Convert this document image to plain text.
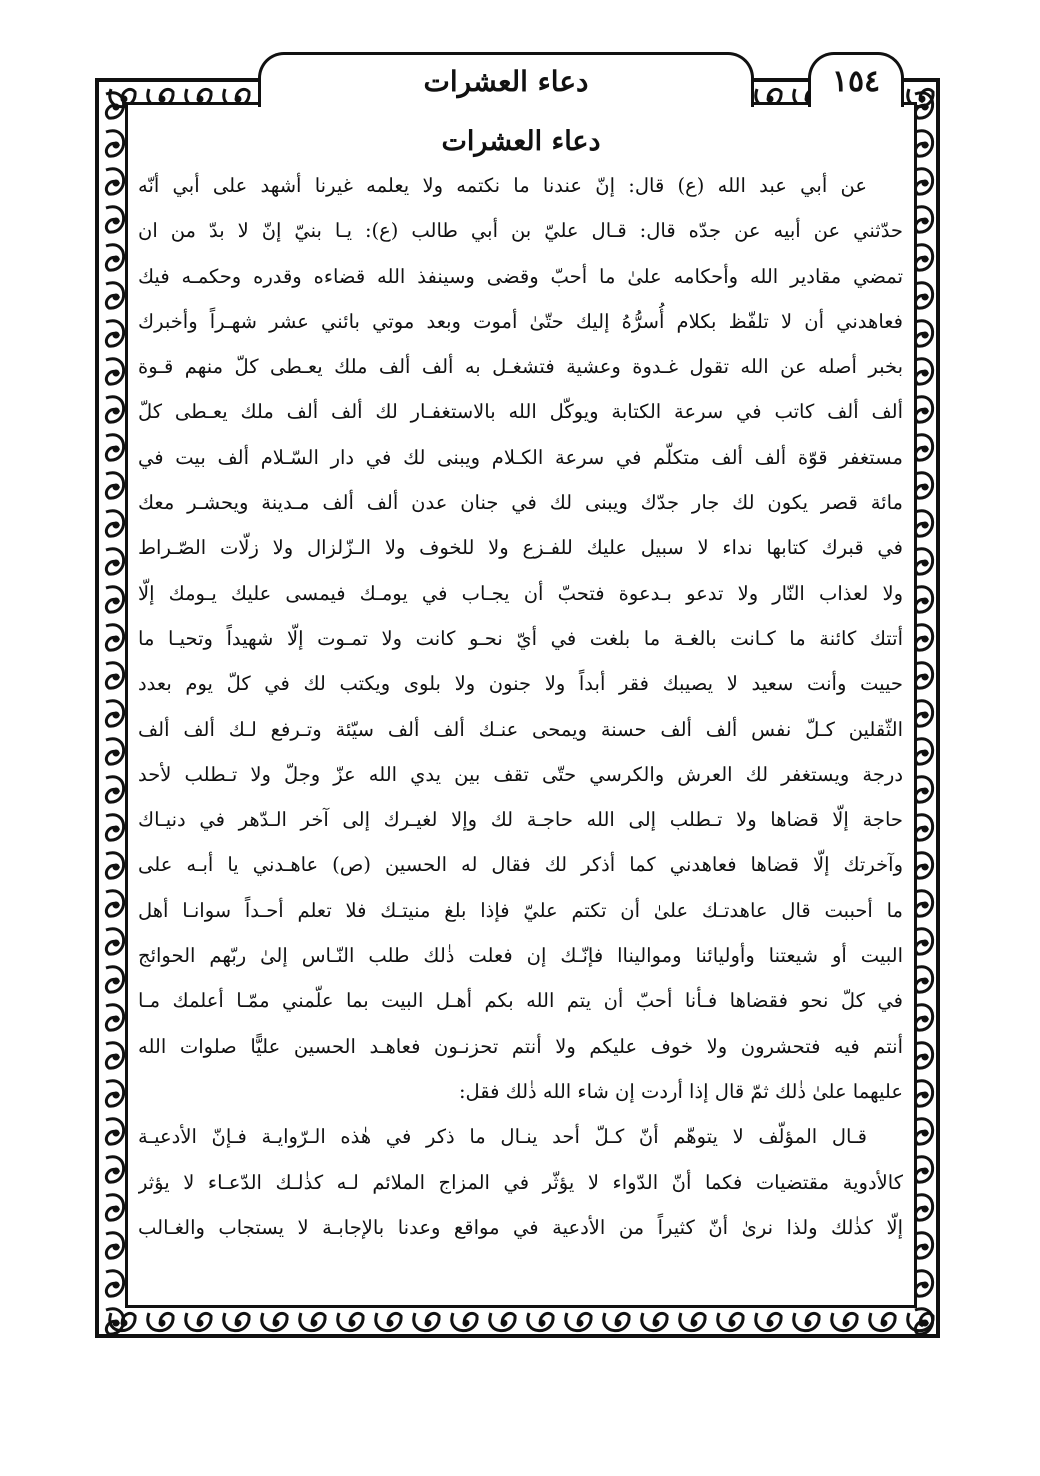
دعاء العشرات	١٥٤
دعاء العشرات
عن أبي عبد الله (ع) قال: إنّ عندنا ما نكتمه ولا يعلمه غيرنا أشهد على أبي أنّه
حدّثني عن أبيه عن جدّه قال: قـال عليّ بن أبي طالب (ع): يـا بنيّ إنّ لا بدّ من ان
تمضي مقادير الله وأحكامه علىٰ ما أحبّ وقضى وسينفذ الله قضاءه وقدره وحكمـه فيك
فعاهدني أن لا تلفّظ بكلام أُسرُّهُ إليك حتّىٰ أموت وبعد موتي بائني عشر شهـراً وأخبرك
بخبر أصله عن الله تقول غـدوة وعشية فتشغـل به ألف ألف ملك يعـطى كلّ منهم قـوة
ألف ألف كاتب في سرعة الكتابة ويوكّل الله بالاستغفـار لك ألف ألف ملك يعـطى كلّ
مستغفر قوّة ألف ألف متكلّم في سرعة الكـلام ويبنى لك في دار السّـلام ألف بيت في
مائة قصر يكون لك جار جدّك ويبنى لك في جنان عدن ألف ألف مـدينة ويحشـر معك
في قبرك كتابها نداء لا سبيل عليك للفـزع ولا للخوف ولا الـزّلزال ولا زلّات الصّـراط
ولا لعذاب النّار ولا تدعو بـدعوة فتحبّ أن يجـاب في يومـك فيمسى عليك يـومك إلّا
أتتك كائنة ما كـانت بالغـة ما بلغت في أيّ نحـو كانت ولا تمـوت إلّا شهيداً وتحيـا ما
حييت وأنت سعيد لا يصيبك فقر أبداً ولا جنون ولا بلوى ويكتب لك في كلّ يوم بعدد
الثّقلين كـلّ نفس ألف ألف حسنة ويمحى عنـك ألف ألف سيّئة وتـرفع لـك ألف ألف
درجة ويستغفر لك العرش والكرسي حتّى تقف بين يدي الله عزّ وجلّ ولا تـطلب لأحد
حاجة إلّا قضاها ولا تـطلب إلى الله حاجـة لك وإلا لغيـرك إلى آخر الـدّهر في دنيـاك
وآخرتك إلّا قضاها فعاهدني كما أذكر لك فقال له الحسين (ص) عاهـدني يا أبـه على
ما أحببت قال عاهدتـك علىٰ أن تكتم عليّ فإذا بلغ منيتـك فلا تعلم أحـداً سوانـا أهل
البيت أو شيعتنا وأوليائنا ومواليناا فإنّـك إن فعلت ذٰلك طلب النّـاس إلىٰ ربّهم الحوائج
في كلّ نحو فقضاها فـأنا أحبّ أن يتم الله بكم أهـل البيت بما علّمني ممّـا أعلمك مـا
أنتم فيه فتحشرون ولا خوف عليكم ولا أنتم تحزنـون فعاهـد الحسين عليًّا صلوات الله
عليهما علىٰ ذٰلك ثمّ قال إذا أردت إن شاء الله ذٰلك فقل:
قـال المؤلّف لا يتوهّم أنّ كـلّ أحد ينـال ما ذكر في هٰذه الـرّوايـة فـإنّ الأدعيـة
كالأدوية مقتضيات فكما أنّ الدّواء لا يؤثّر في المزاج الملائم لـه كذٰلـك الدّعـاء لا يؤثر
إلّا كذٰلك ولذا نرىٰ أنّ كثيراً من الأدعية في مواقع وعدنا بالإجابـة لا يستجاب والغـالب
